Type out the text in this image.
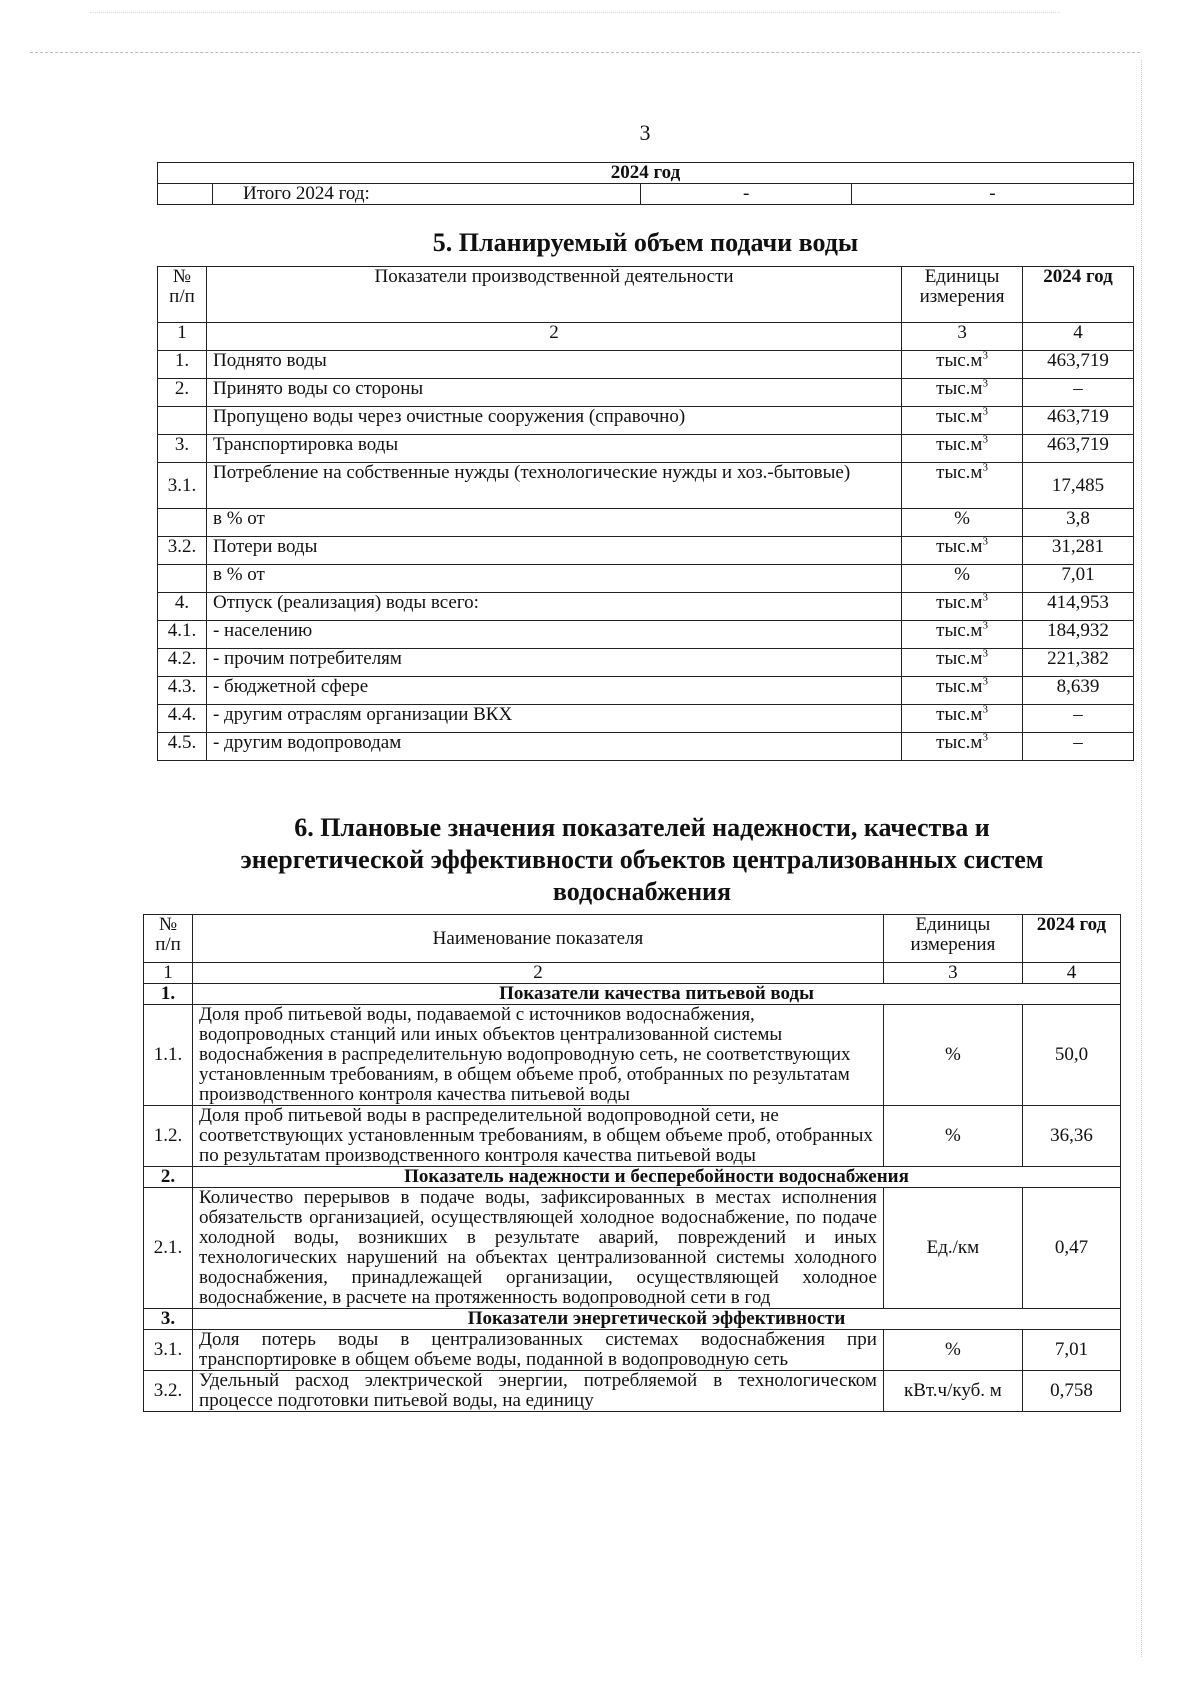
3
2024 год
	Итого 2024 год:	-	-
5. Планируемый объем подачи воды
№ п/п	Показатели производственной деятельности	Единицы измерения	2024 год
1	2	3	4
1.	Поднято воды	$тыс.м^3$	463,719
2.	Принято воды со стороны	$тыс.м^3$	–
	Пропущено воды через очистные сооружения (справочно)	$тыс.м^3$	463,719
3.	Транспортировка воды	$тыс.м^3$	463,719
3.1.	Потребление на собственные нужды (технологические нужды и хоз.-бытовые)	$тыс.м^3$	17,485
	в % от	%	3,8
3.2.	Потери воды	$тыс.м^3$	31,281
	в % от	%	7,01
4.	Отпуск (реализация) воды всего:	$тыс.м^3$	414,953
4.1.	- населению	$тыс.м^3$	184,932
4.2.	- прочим потребителям	$тыс.м^3$	221,382
4.3.	- бюджетной сфере	$тыс.м^3$	8,639
4.4.	- другим отраслям организации ВКХ	$тыс.м^3$	–
4.5.	- другим водопроводам	$тыс.м^3$	–
6. Плановые значения показателей надежности, качества и
энергетической эффективности объектов централизованных систем
водоснабжения
№ п/п	Наименование показателя	Единицы измерения	2024 год
1	2	3	4
1.	Показатели качества питьевой воды		
1.1.	Доля проб питьевой воды, подаваемой с источников водоснабжения, водопроводных станций или иных объектов централизованной системы водоснабжения в распределительную водопроводную сеть, не соответствующих установленным требованиям, в общем объеме проб, отобранных по результатам производственного контроля качества питьевой воды	%	50,0
1.2.	Доля проб питьевой воды в распределительной водопроводной сети, не соответствующих установленным требованиям, в общем объеме проб, отобранных по результатам производственного контроля качества питьевой воды	%	36,36
2.	Показатель надежности и бесперебойности водоснабжения		
2.1.	Количество перерывов в подаче воды, зафиксированных в местах исполнения обязательств организацией, осуществляющей холодное водоснабжение, по подаче холодной воды, возникших в результате аварий, повреждений и иных технологических нарушений на объектах централизованной системы холодного водоснабжения, принадлежащей организации, осуществляющей холодное водоснабжение, в расчете на протяженность водопроводной сети в год	Ед./км	0,47
3.	Показатели энергетической эффективности		
3.1.	Доля потерь воды в централизованных системах водоснабжения при транспортировке в общем объеме воды, поданной в водопроводную сеть	%	7,01
3.2.	Удельный расход электрической энергии, потребляемой в технологическом процессе подготовки питьевой воды, на единицу	кВт.ч/куб. м	0,758
